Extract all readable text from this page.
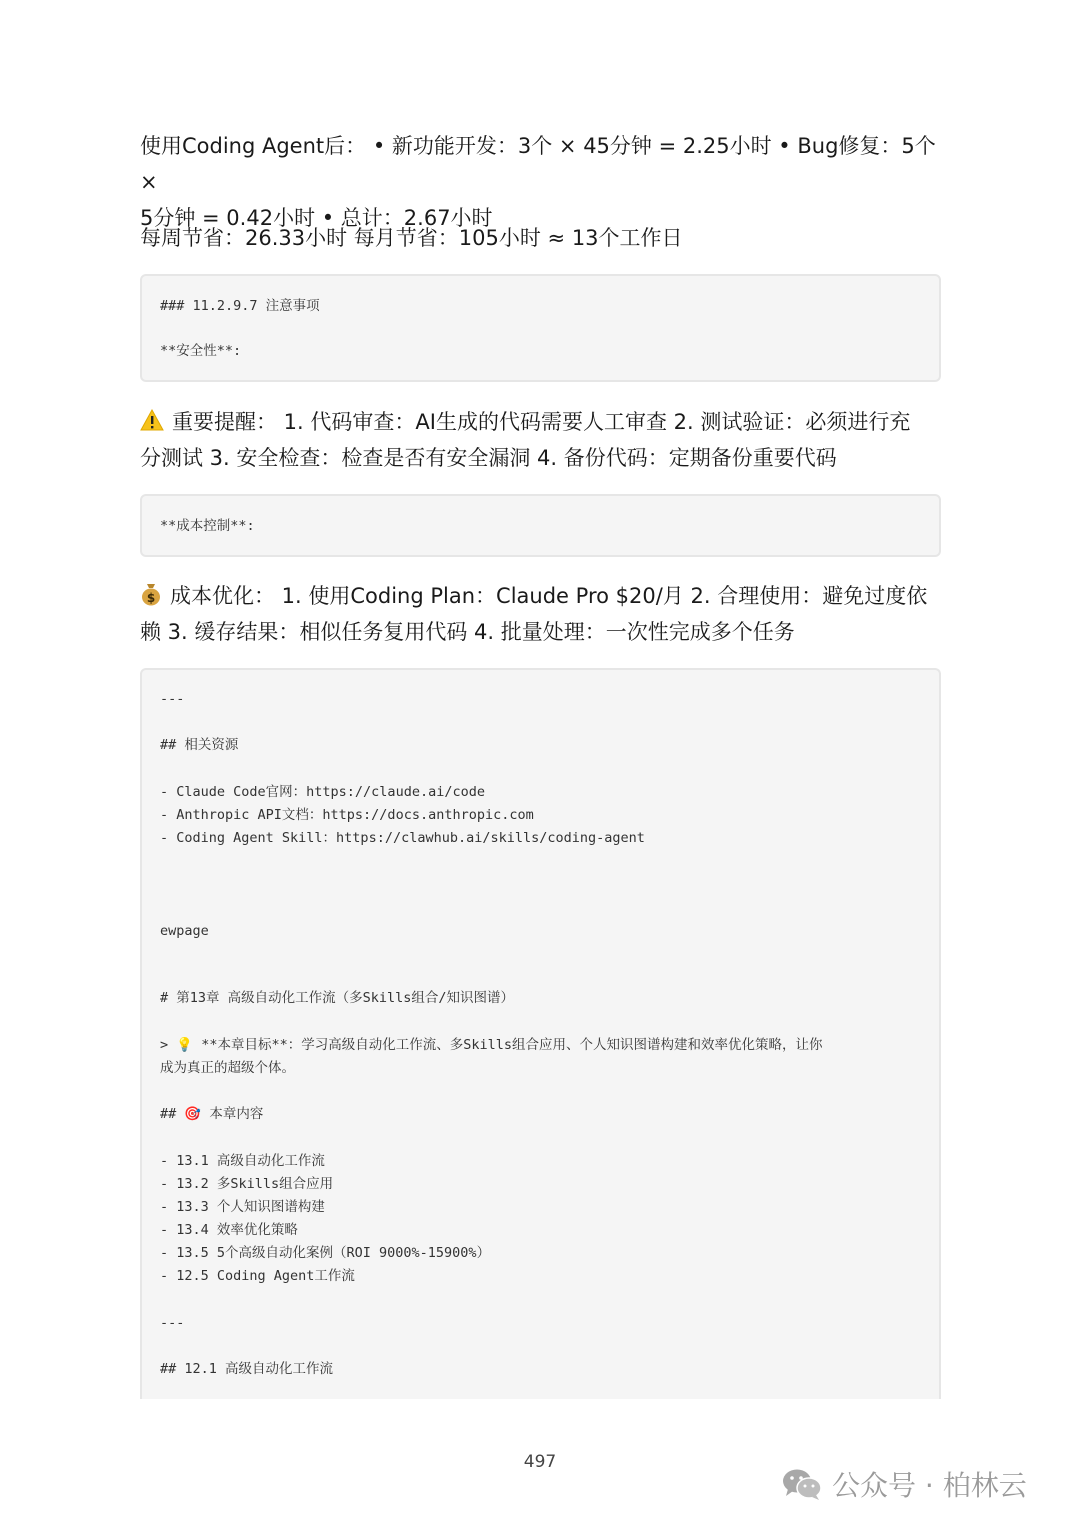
使用Coding Agent后： • 新功能开发：3个 × 45分钟 = 2.25小时 • Bug修复：5个 ×
5分钟 = 0.42小时 • 总计：2.67小时
每周节省：26.33小时 每月节省：105小时 ≈ 13个工作日
### 11.2.9.7 注意事项
**安全性**:
重要提醒： 1. 代码审查：AI生成的代码需要人工审查 2. 测试验证：必须进行充
分测试 3. 安全检查：检查是否有安全漏洞 4. 备份代码：定期备份重要代码
**成本控制**:
$ 成本优化： 1. 使用Coding Plan：Claude Pro $20/月 2. 合理使用：避免过度依
赖 3. 缓存结果：相似任务复用代码 4. 批量处理：一次性完成多个任务
---
## 相关资源
- Claude Code官网：https://claude.ai/code
- Anthropic API文档：https://docs.anthropic.com
- Coding Agent Skill：https://clawhub.ai/skills/coding-agent
ewpage
# 第13章 高级自动化工作流（多Skills组合/知识图谱）
> 💡 **本章目标**：学习高级自动化工作流、多Skills组合应用、个人知识图谱构建和效率优化策略，让你
成为真正的超级个体。
## 🎯 本章内容
- 13.1 高级自动化工作流
- 13.2 多Skills组合应用
- 13.3 个人知识图谱构建
- 13.4 效率优化策略
- 13.5 5个高级自动化案例（ROI 9000%-15900%）
- 12.5 Coding Agent工作流
---
## 12.1 高级自动化工作流
497
公众号 · 柏林云
